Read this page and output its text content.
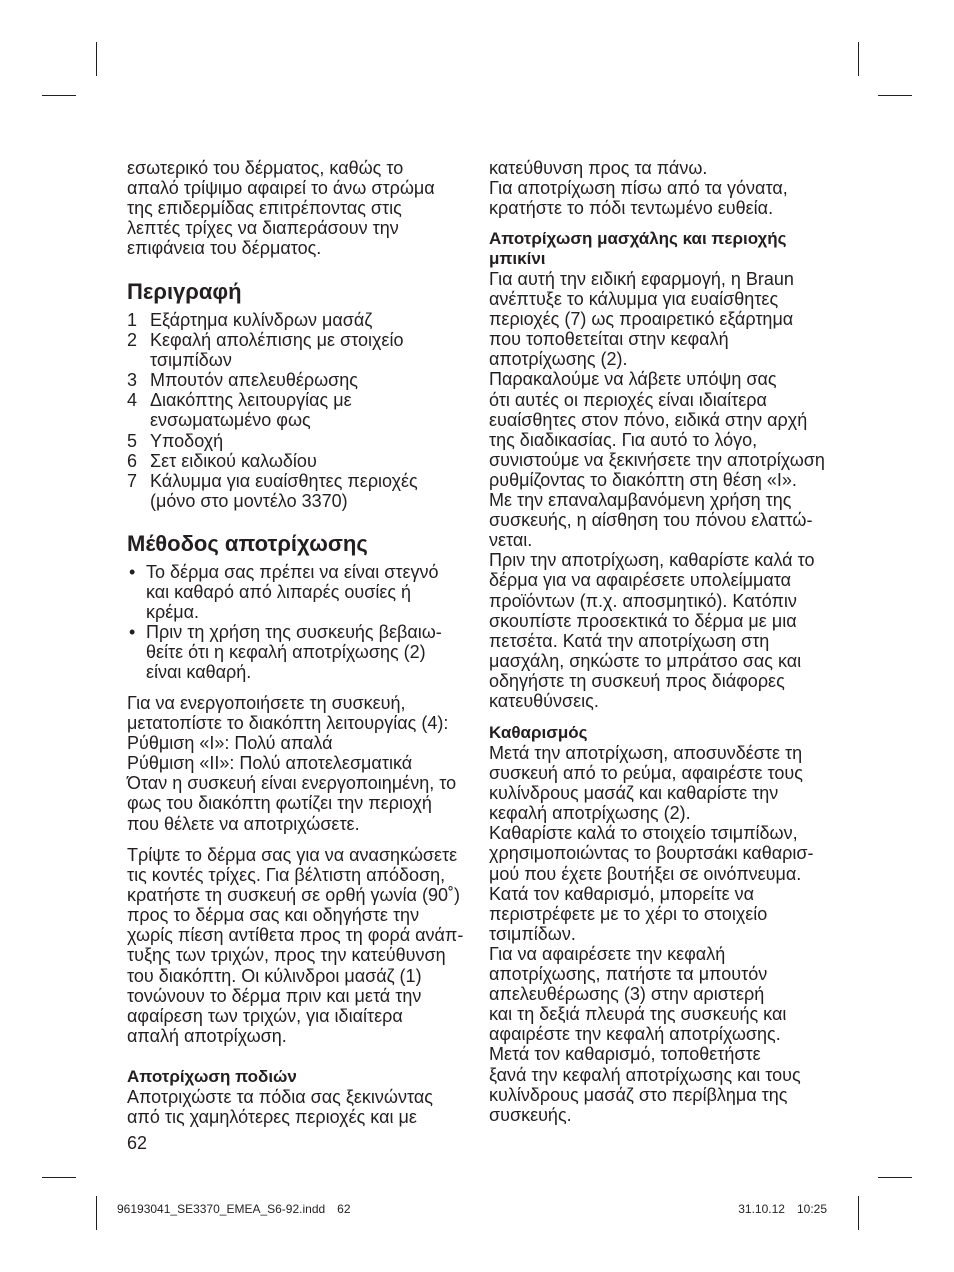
εσωτερικό του δέρματος, καθώς το
απαλό τρίψιμο αφαιρεί το άνω στρώμα
της επιδερμίδας επιτρέποντας στις
λεπτές τρίχες να διαπεράσουν την
επιφάνεια του δέρματος.
Περιγραφή
1 Εξάρτημα κυλίνδρων μασάζ
2 Κεφαλή απολέπισης με στοιχείο
τσιμπίδων
3 Μπουτόν απελευθέρωσης
4 Διακόπτης λειτουργίας με
ενσωματωμένο φως
5 Υποδοχή
6 Σετ ειδικού καλωδίου
7 Κάλυμμα για ευαίσθητες περιοχές
(μόνο στο μοντέλο 3370)
Μέθοδος αποτρίχωσης
• Το δέρμα σας πρέπει να είναι στεγνό
και καθαρό από λιπαρές ουσίες ή
κρέμα.
• Πριν τη χρήση της συσκευής βεβαιω-
θείτε ότι η κεφαλή αποτρίχωσης (2)
είναι καθαρή.
Για να ενεργοποιήσετε τη συσκευή,
μετατοπίστε το διακόπτη λειτουργίας (4):
Ρύθμιση «I»: Πολύ απαλά
Ρύθμιση «II»: Πολύ αποτελεσματικά
Όταν η συσκευή είναι ενεργοποιημένη, το
φως του διακόπτη φωτίζει την περιοχή
που θέλετε να αποτριχώσετε.
Τρίψτε το δέρμα σας για να ανασηκώσετε
τις κοντές τρίχες. Για βέλτιστη απόδοση,
κρατήστε τη συσκευή σε ορθή γωνία (90˚)
προς το δέρμα σας και οδηγήστε την
χωρίς πίεση αντίθετα προς τη φορά ανάπ-
τυξης των τριχών, προς την κατεύθυνση
του διακόπτη. Οι κύλινδροι μασάζ (1)
τονώνουν το δέρμα πριν και μετά την
αφαίρεση των τριχών, για ιδιαίτερα
απαλή αποτρίχωση.
Αποτρίχωση ποδιών
Αποτριχώστε τα πόδια σας ξεκινώντας
από τις χαμηλότερες περιοχές και με
62
κατεύθυνση προς τα πάνω.
Για αποτρίχωση πίσω από τα γόνατα,
κρατήστε το πόδι τεντωμένο ευθεία.
Αποτρίχωση μασχάλης και περιοχής
μπικίνι
Για αυτή την ειδική εφαρμογή, η Braun
ανέπτυξε το κάλυμμα για ευαίσθητες
περιοχές (7) ως προαιρετικό εξάρτημα
που τοποθετείται στην κεφαλή
αποτρίχωσης (2).
Παρακαλούμε να λάβετε υπόψη σας
ότι αυτές οι περιοχές είναι ιδιαίτερα
ευαίσθητες στον πόνο, ειδικά στην αρχή
της διαδικασίας. Για αυτό το λόγο,
συνιστούμε να ξεκινήσετε την αποτρίχωση
ρυθμίζοντας το διακόπτη στη θέση «I».
Με την επαναλαμβανόμενη χρήση της
συσκευής, η αίσθηση του πόνου ελαττώ-
νεται.
Πριν την αποτρίχωση, καθαρίστε καλά το
δέρμα για να αφαιρέσετε υπολείμματα
προϊόντων (π.χ. αποσμητικό). Κατόπιν
σκουπίστε προσεκτικά το δέρμα με μια
πετσέτα. Κατά την αποτρίχωση στη
μασχάλη, σηκώστε το μπράτσο σας και
οδηγήστε τη συσκευή προς διάφορες
κατευθύνσεις.
Καθαρισμός
Μετά την αποτρίχωση, αποσυνδέστε τη
συσκευή από το ρεύμα, αφαιρέστε τους
κυλίνδρους μασάζ και καθαρίστε την
κεφαλή αποτρίχωσης (2).
Καθαρίστε καλά το στοιχείο τσιμπίδων,
χρησιμοποιώντας το βουρτσάκι καθαρισ-
μού που έχετε βουτήξει σε οινόπνευμα.
Κατά τον καθαρισμό, μπορείτε να
περιστρέφετε με το χέρι το στοιχείο
τσιμπίδων.
Για να αφαιρέσετε την κεφαλή
αποτρίχωσης, πατήστε τα μπουτόν
απελευθέρωσης (3) στην αριστερή
και τη δεξιά πλευρά της συσκευής και
αφαιρέστε την κεφαλή αποτρίχωσης.
Μετά τον καθαρισμό, τοποθετήστε
ξανά την κεφαλή αποτρίχωσης και τους
κυλίνδρους μασάζ στο περίβλημα της
συσκευής.
96193041_SE3370_EMEA_S6-92.indd 62	31.10.12 10:25
